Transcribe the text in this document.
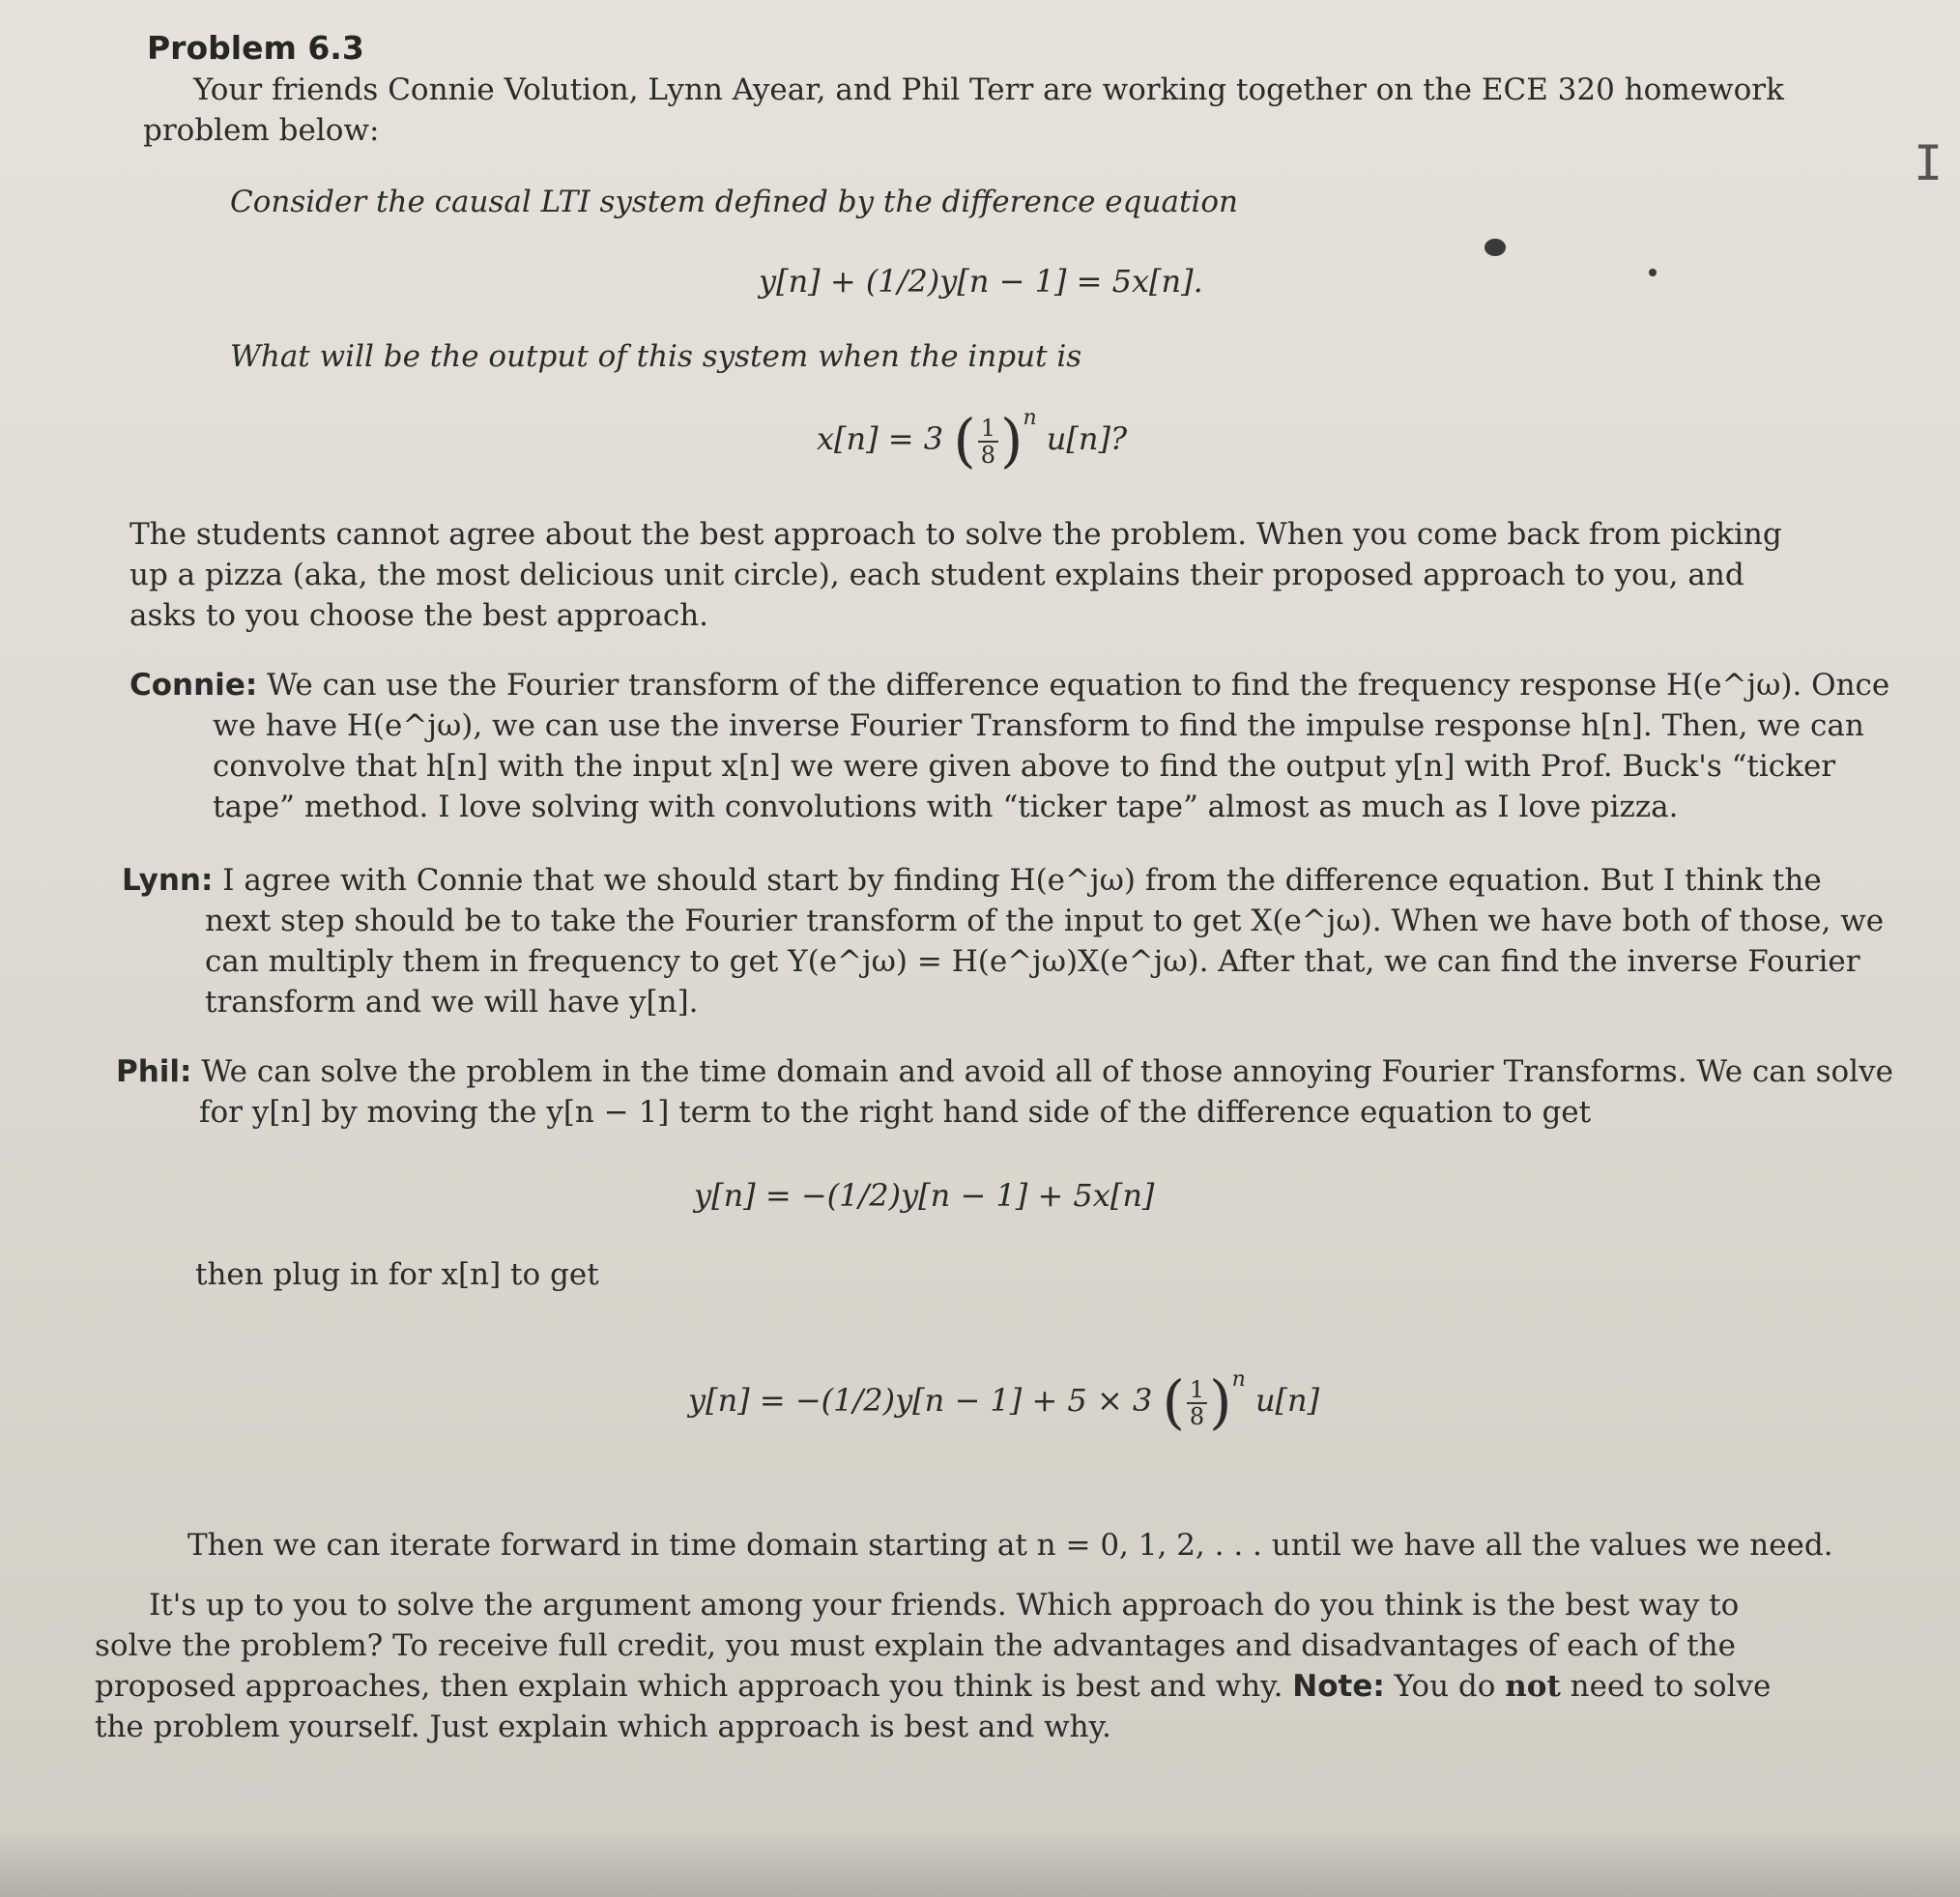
Problem 6.3
Your friends Connie Volution, Lynn Ayear, and Phil Terr are working together on the ECE 320 homework problem below:
Consider the causal LTI system defined by the difference equation
y[n] + (1/2)y[n − 1] = 5x[n].
What will be the output of this system when the input is
x[n] = 3 ( $\frac{1}{8} )^n$ u[n]?
The students cannot agree about the best approach to solve the problem. When you come back from picking up a pizza (aka, the most delicious unit circle), each student explains their proposed approach to you, and asks to you choose the best approach.
Connie: We can use the Fourier transform of the difference equation to find the frequency response H(e^jω). Once we have H(e^jω), we can use the inverse Fourier Transform to find the impulse response h[n]. Then, we can convolve that h[n] with the input x[n] we were given above to find the output y[n] with Prof. Buck's “ticker tape” method. I love solving with convolutions with “ticker tape” almost as much as I love pizza.
Lynn: I agree with Connie that we should start by finding H(e^jω) from the difference equation. But I think the next step should be to take the Fourier transform of the input to get X(e^jω). When we have both of those, we can multiply them in frequency to get Y(e^jω) = H(e^jω)X(e^jω). After that, we can find the inverse Fourier transform and we will have y[n].
Phil: We can solve the problem in the time domain and avoid all of those annoying Fourier Transforms. We can solve for y[n] by moving the y[n − 1] term to the right hand side of the difference equation to get
y[n] = −(1/2)y[n − 1] + 5x[n]
then plug in for x[n] to get
y[n] = −(1/2)y[n − 1] + 5 × 3 ( $\frac{1}{8} )^n$ u[n]
Then we can iterate forward in time domain starting at n = 0, 1, 2, . . . until we have all the values we need.
It's up to you to solve the argument among your friends. Which approach do you think is the best way to solve the problem? To receive full credit, you must explain the advantages and disadvantages of each of the proposed approaches, then explain which approach you think is best and why. Note: You do not need to solve the problem yourself. Just explain which approach is best and why.
I
